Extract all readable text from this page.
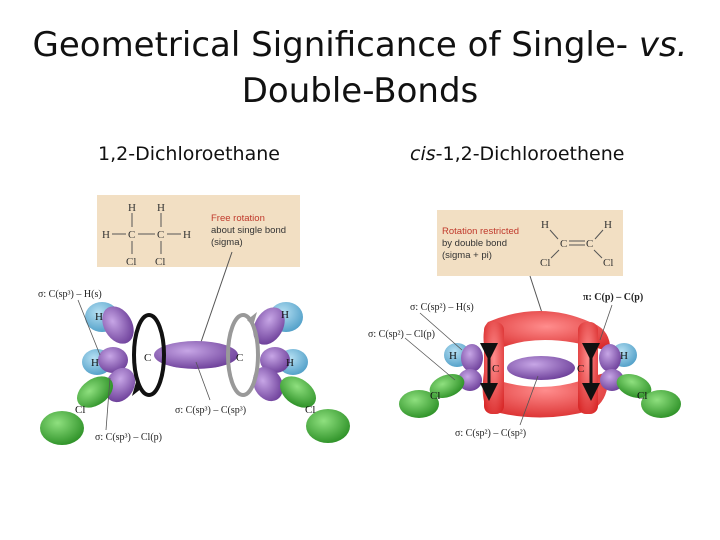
Geometrical Significance of Single- vs.
Double-Bonds
1,2-Dichloroethane	cis-1,2-Dichloroethene
H H
H C C H
Cl Cl
Free rotation
about single bond
(sigma)
H
H	C
Cl
H
H
C
Cl
σ: C(sp³) – H(s)
σ: C(sp³) – C(sp³)
σ: C(sp³) – Cl(p)
Rotation restricted
by double bond
(sigma + pi)
H	H
C C
Cl	Cl
H
C
Cl
H
C
Cl
σ: C(sp²) – H(s)
σ: C(sp²) – Cl(p)
π: C(p) – C(p)
σ: C(sp²) – C(sp²)
